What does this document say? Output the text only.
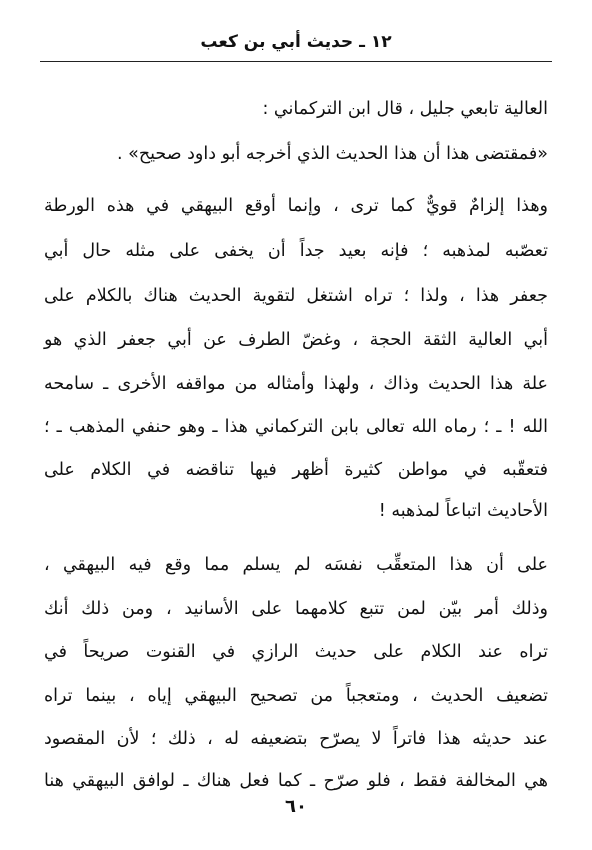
١٢ ـ حديث أبي بن كعب
العالية تابعي جليل ، قال ابن التركماني :
«فمقتضى هذا أن هذا الحديث الذي أخرجه أبو داود صحيح» .
وهذا إلزامٌ قويٌّ كما ترى ، وإنما أوقع البيهقي في هذه الورطة
تعصّبه لمذهبه ؛ فإنه بعيد جداً أن يخفى على مثله حال أبي
جعفر هذا ، ولذا ؛ تراه اشتغل لتقوية الحديث هناك بالكلام على
أبي العالية الثقة الحجة ، وغضّ الطرف عن أبي جعفر الذي هو
علة هذا الحديث وذاك ، ولهذا وأمثاله من مواقفه الأخرى ـ سامحه
الله ! ـ ؛ رماه الله تعالى بابن التركماني هذا ـ وهو حنفي المذهب ـ ؛
فتعقّبه في مواطن كثيرة أظهر فيها تناقضه في الكلام على
الأحاديث اتباعاً لمذهبه !
على أن هذا المتعقِّب نفسَه لم يسلم مما وقع فيه البيهقي ،
وذلك أمر بيّن لمن تتبع كلامهما على الأسانيد ، ومن ذلك أنك
تراه عند الكلام على حديث الرازي في القنوت صريحاً في
تضعيف الحديث ، ومتعجباً من تصحيح البيهقي إياه ، بينما تراه
عند حديثه هذا فاتراً لا يصرّح بتضعيفه له ، ذلك ؛ لأن المقصود
هي المخالفة فقط ، فلو صرّح ـ كما فعل هناك ـ لوافق البيهقي هنا
٦٠
